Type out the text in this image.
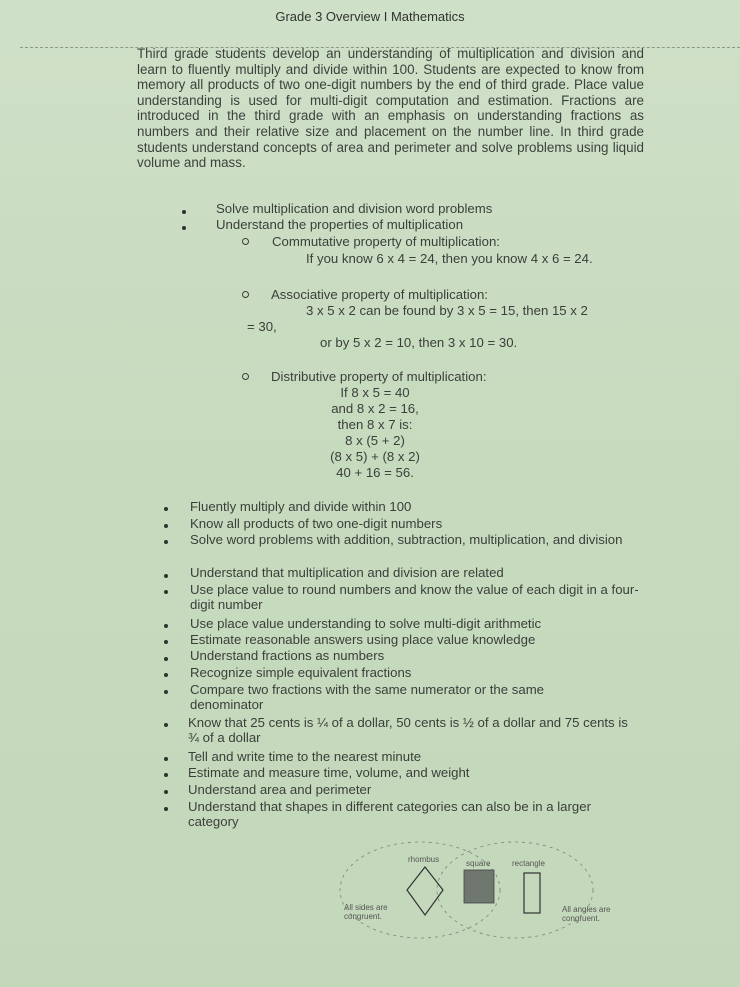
Grade 3 Overview I Mathematics
Third grade students develop an understanding of multiplication and division and learn to fluently multiply and divide within 100. Students are expected to know from memory all products of two one-digit numbers by the end of third grade. Place value understanding is used for multi-digit computation and estimation. Fractions are introduced in the third grade with an emphasis on understanding fractions as numbers and their relative size and placement on the number line. In third grade students understand concepts of area and perimeter and solve problems using liquid volume and mass.
Solve multiplication and division word problems
Understand the properties of multiplication
Commutative property of multiplication:
If you know 6 x 4 = 24, then you know 4 x 6 = 24.
Associative property of multiplication:
3 x 5 x 2 can be found by 3 x 5 = 15, then 15 x 2
= 30,
or by 5 x 2 = 10, then 3 x 10 = 30.
Distributive property of multiplication:
If 8 x 5 = 40
and 8 x 2 = 16,
then 8 x 7 is:
8 x (5 + 2)
(8 x 5) + (8 x 2)
40 + 16 = 56.
Fluently multiply and divide within 100
Know all products of two one-digit numbers
Solve word problems with addition, subtraction, multiplication, and division
Understand that multiplication and division are related
Use place value to round numbers and know the value of each digit in a four-digit number
Use place value understanding to solve multi-digit arithmetic
Estimate reasonable answers using place value knowledge
Understand fractions as numbers
Recognize simple equivalent fractions
Compare two fractions with the same numerator or the same denominator
Know that 25 cents is ¼ of a dollar, 50 cents is ½ of a dollar and 75 cents is ¾ of a dollar
Tell and write time to the nearest minute
Estimate and measure time, volume, and weight
Understand area and perimeter
Understand that shapes in different categories can also be in a larger category
rhombus	square	rectangle
All sides are congruent.
All angles are congruent.
